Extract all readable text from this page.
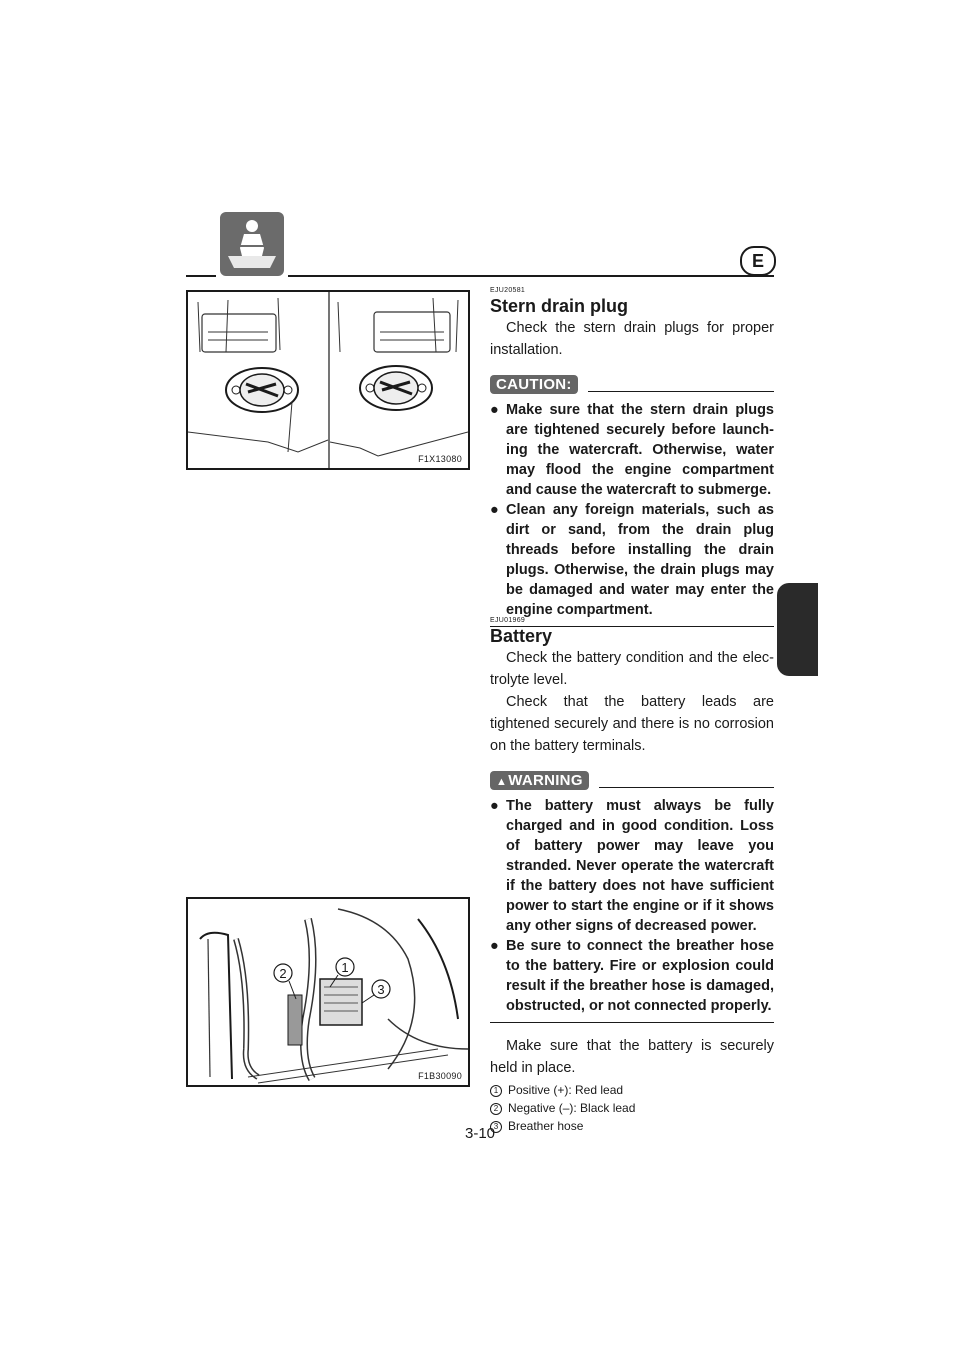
E
F1X13080
2	1
3
F1B30090
EJU20581
Stern drain plug

Check the stern drain plugs for proper installation.

CAUTION:
● Make sure that the stern drain plugs are tightened securely before launch- ing the watercraft. Otherwise, water may flood the engine compartment and cause the watercraft to submerge.
● Clean any foreign materials, such as dirt or sand, from the drain plug threads before installing the drain plugs. Otherwise, the drain plugs may be damaged and water may enter the engine compartment.
EJU01969
Battery

Check the battery condition and the elec- trolyte level.

Check that the battery leads are tightened securely and there is no corrosion on the battery terminals.

▲WARNING
● The battery must always be fully charged and in good condition. Loss of battery power may leave you stranded. Never operate the watercraft if the battery does not have sufficient power to start the engine or if it shows any other signs of decreased power.
● Be sure to connect the breather hose to the battery. Fire or explosion could result if the breather hose is damaged, obstructed, or not connected properly.

Make sure that the battery is securely held in place.

1 Positive (+): Red lead
2 Negative (–): Black lead
3 Breather hose
3-10
